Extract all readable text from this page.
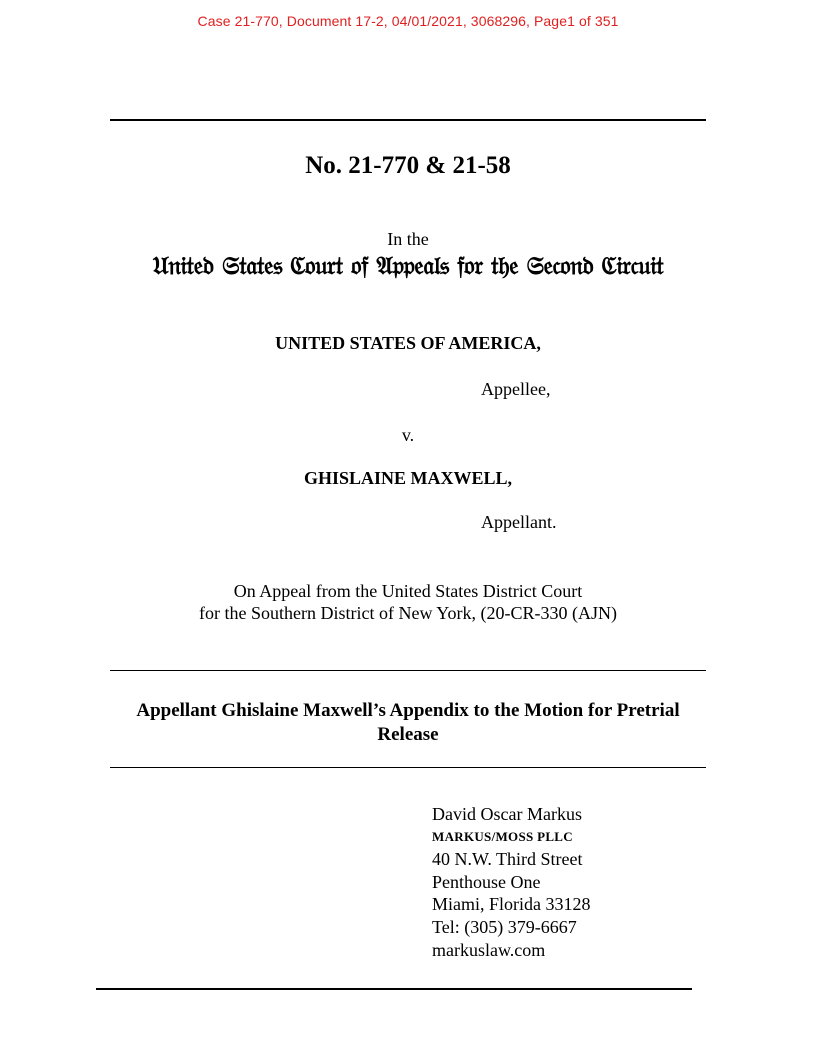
Case 21-770, Document 17-2, 04/01/2021, 3068296, Page1 of 351
No. 21-770 & 21-58
In the
𝔘𝔫𝔦𝔱𝔢𝔡 𝔖𝔱𝔞𝔱𝔢𝔰 ℭ𝔬𝔲𝔯𝔱 𝔬𝔣 𝔄𝔭𝔭𝔢𝔞𝔩𝔰 𝔣𝔬𝔯 𝔱𝔥𝔢 𝔖𝔢𝔠𝔬𝔫𝔡 ℭ𝔦𝔯𝔠𝔲𝔦𝔱
UNITED STATES OF AMERICA,
Appellee,
v.
GHISLAINE MAXWELL,
Appellant.
On Appeal from the United States District Court
for the Southern District of New York, (20-CR-330 (AJN)
Appellant Ghislaine Maxwell’s Appendix to the Motion for Pretrial Release
David Oscar Markus
MARKUS/MOSS PLLC
40 N.W. Third Street
Penthouse One
Miami, Florida 33128
Tel: (305) 379-6667
markuslaw.com
